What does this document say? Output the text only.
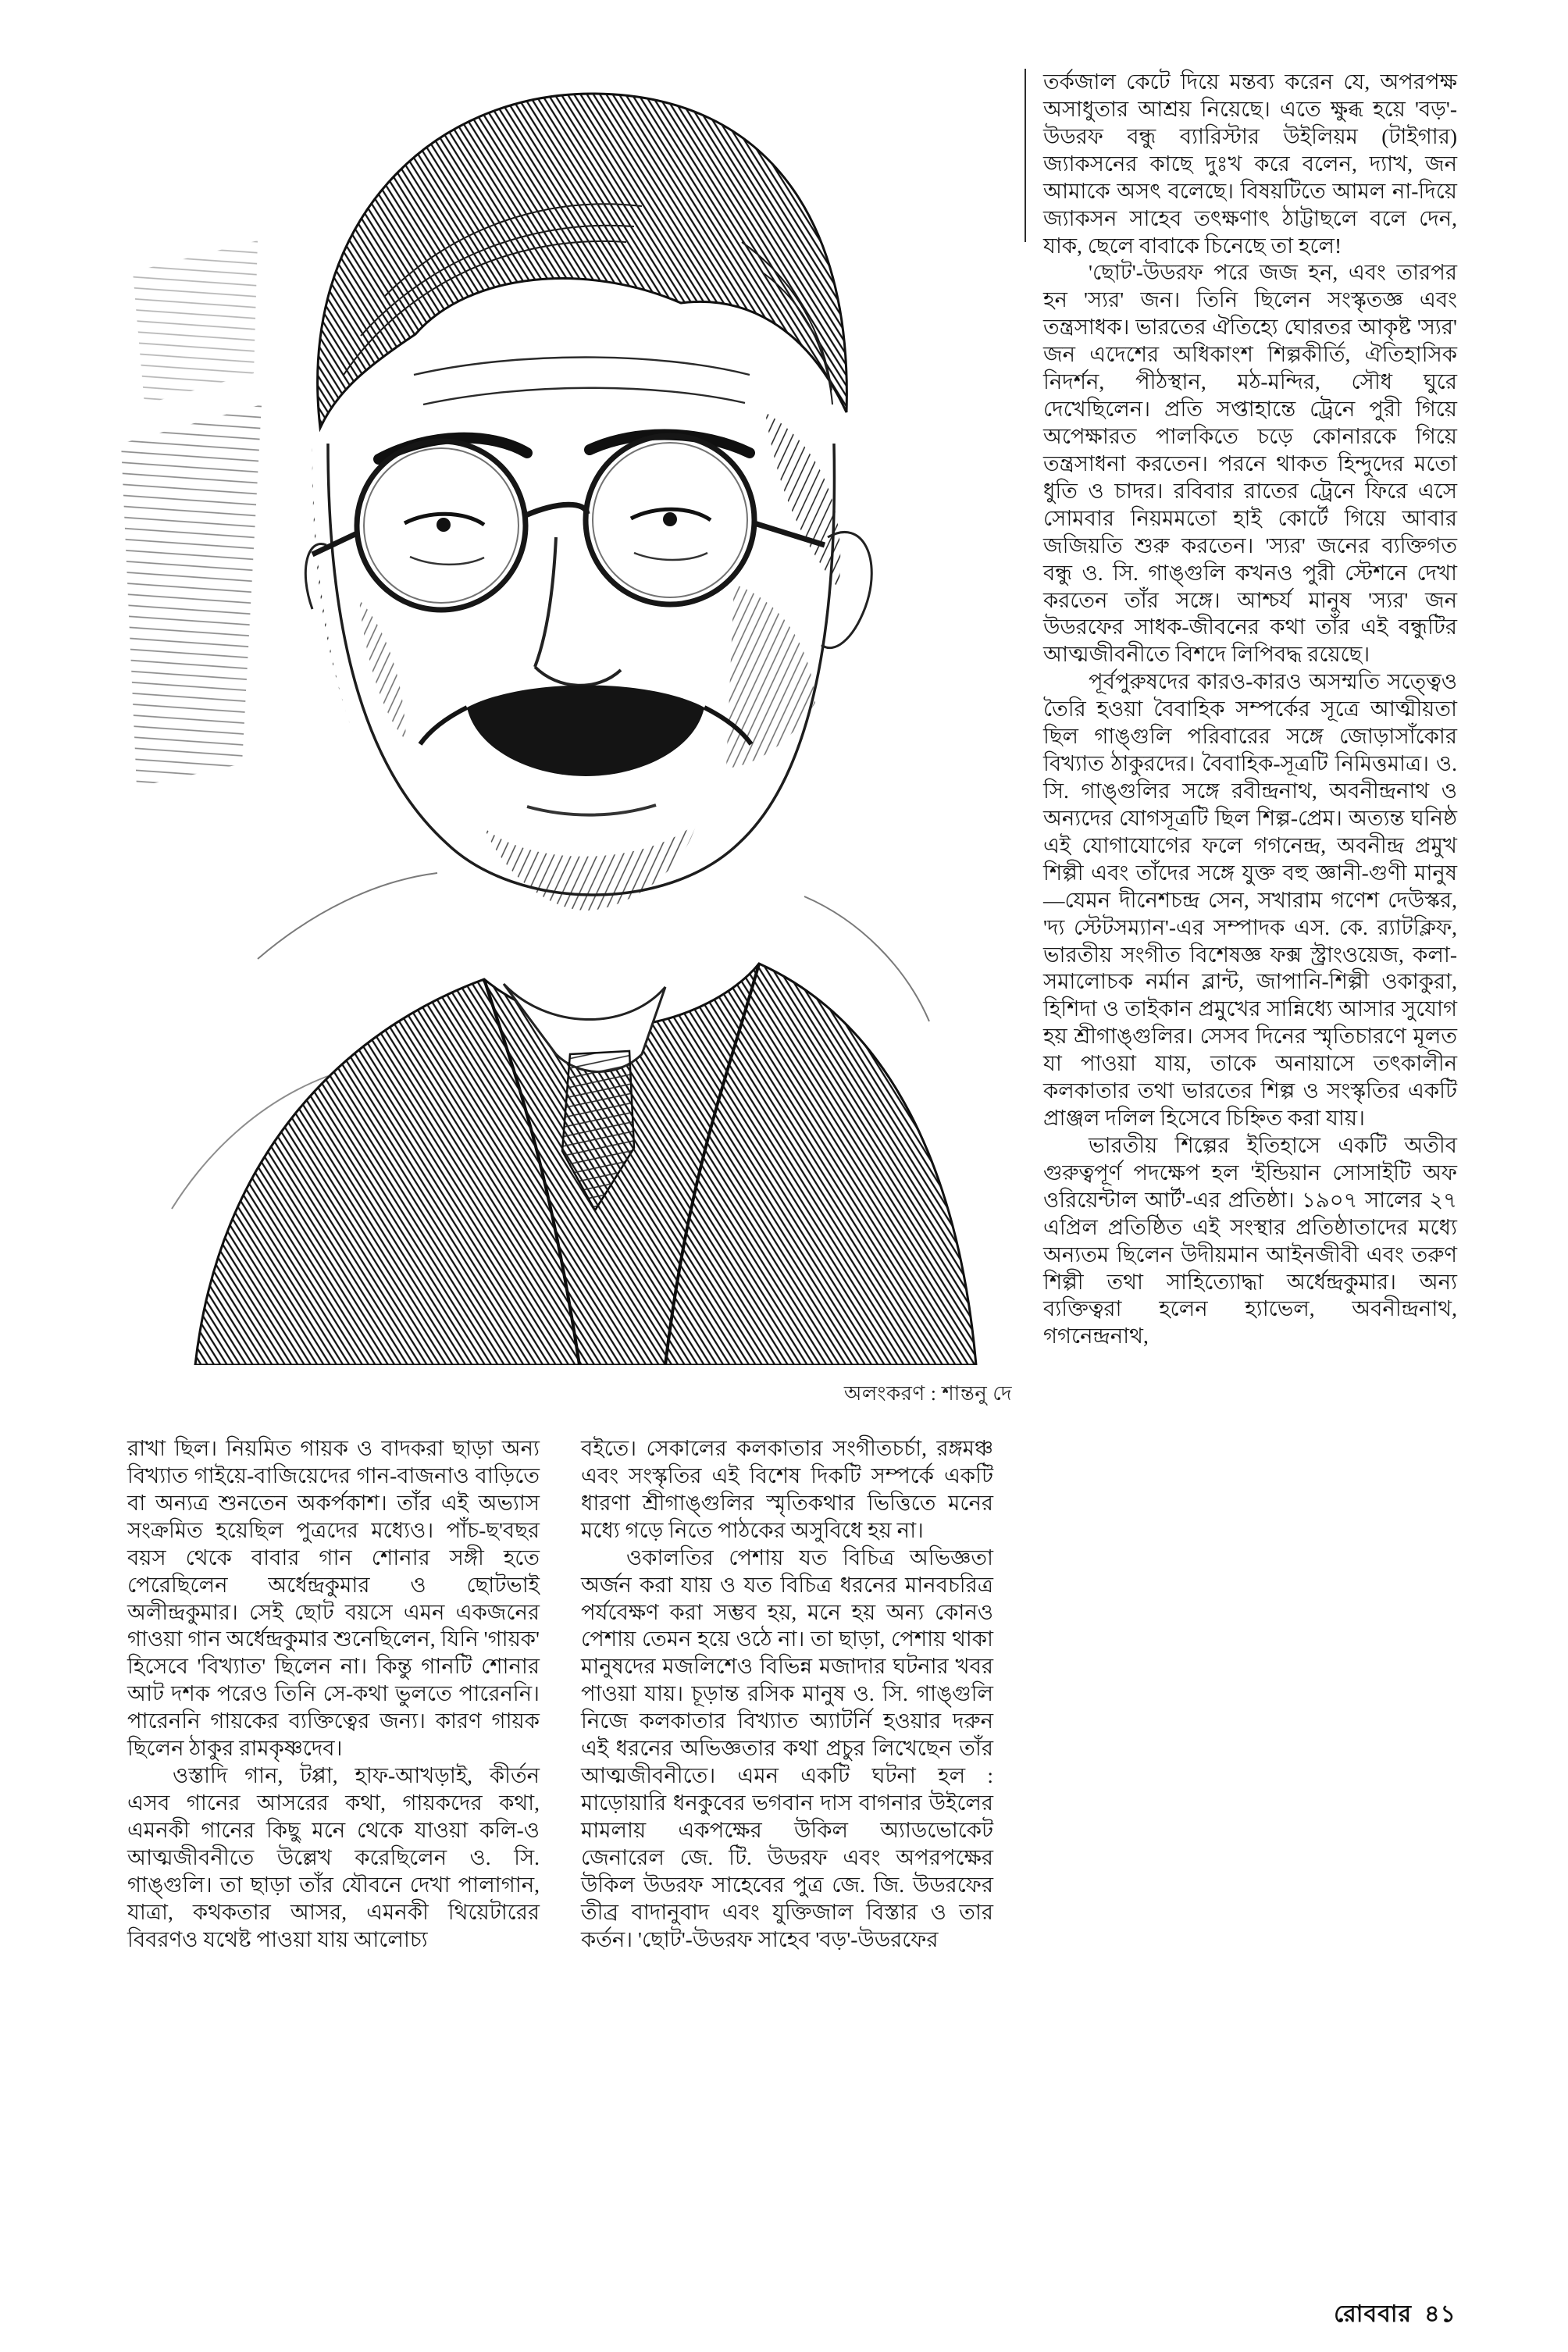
অলংকরণ : শান্তনু দে

রাখা ছিল। নিয়মিত গায়ক ও বাদকরা ছাড়া অন্য বিখ্যাত গাইয়ে-বাজিয়েদের গান-বাজনাও বাড়িতে বা অন্যত্র শুনতেন অকর্পকাশ। তাঁর এই অভ্যাস সংক্রমিত হয়েছিল পুত্রদের মধ্যেও। পাঁচ-ছ'বছর বয়স থেকে বাবার গান শোনার সঙ্গী হতে পেরেছিলেন অর্ধেন্দ্রকুমার ও ছোটভাই অলীন্দ্রকুমার। সেই ছোট বয়সে এমন একজনের গাওয়া গান অর্ধেন্দ্রকুমার শুনেছিলেন, যিনি 'গায়ক' হিসেবে 'বিখ্যাত' ছিলেন না। কিন্তু গানটি শোনার আট দশক পরেও তিনি সে-কথা ভুলতে পারেননি। পারেননি গায়কের ব্যক্তিত্বের জন্য। কারণ গায়ক ছিলেন ঠাকুর রামকৃষ্ণদেব।

ওস্তাদি গান, টপ্পা, হাফ-আখড়াই, কীর্তন এসব গানের আসরের কথা, গায়কদের কথা, এমনকী গানের কিছু মনে থেকে যাওয়া কলি-ও আত্মজীবনীতে উল্লেখ করেছিলেন ও. সি. গাঙ্গুলি। তা ছাড়া তাঁর যৌবনে দেখা পালাগান, যাত্রা, কথকতার আসর, এমনকী থিয়েটারের বিবরণও যথেষ্ট পাওয়া যায় আলোচ্য

বইতে। সেকালের কলকাতার সংগীতচর্চা, রঙ্গমঞ্চ এবং সংস্কৃতির এই বিশেষ দিকটি সম্পর্কে একটি ধারণা শ্রীগাঙ্গুলির স্মৃতিকথার ভিত্তিতে মনের মধ্যে গড়ে নিতে পাঠকের অসুবিধে হয় না।

ওকালতির পেশায় যত বিচিত্র অভিজ্ঞতা অর্জন করা যায় ও যত বিচিত্র ধরনের মানবচরিত্র পর্যবেক্ষণ করা সম্ভব হয়, মনে হয় অন্য কোনও পেশায় তেমন হয়ে ওঠে না। তা ছাড়া, পেশায় থাকা মানুষদের মজলিশেও বিভিন্ন মজাদার ঘটনার খবর পাওয়া যায়। চূড়ান্ত রসিক মানুষ ও. সি. গাঙ্গুলি নিজে কলকাতার বিখ্যাত অ্যাটর্নি হওয়ার দরুন এই ধরনের অভিজ্ঞতার কথা প্রচুর লিখেছেন তাঁর আত্মজীবনীতে। এমন একটি ঘটনা হল : মাড়োয়ারি ধনকুবের ভগবান দাস বাগনার উইলের মামলায় একপক্ষের উকিল অ্যাডভোকেট জেনারেল জে. টি. উডরফ এবং অপরপক্ষের উকিল উডরফ সাহেবের পুত্র জে. জি. উডরফের তীব্র বাদানুবাদ এবং যুক্তিজাল বিস্তার ও তার কর্তন। 'ছোট'-উডরফ সাহেব 'বড়'-উডরফের

তর্কজাল কেটে দিয়ে মন্তব্য করেন যে, অপরপক্ষ অসাধুতার আশ্রয় নিয়েছে। এতে ক্ষুব্ধ হয়ে 'বড়'-উডরফ বন্ধু ব্যারিস্টার উইলিয়ম (টাইগার) জ্যাকসনের কাছে দুঃখ করে বলেন, দ্যাখ, জন আমাকে অসৎ বলেছে। বিষয়টিতে আমল না-দিয়ে জ্যাকসন সাহেব তৎক্ষণাৎ ঠাট্টাছলে বলে দেন, যাক, ছেলে বাবাকে চিনেছে তা হলে!

'ছোট'-উডরফ পরে জজ হন, এবং তারপর হন 'স্যর' জন। তিনি ছিলেন সংস্কৃতজ্ঞ এবং তন্ত্রসাধক। ভারতের ঐতিহ্যে ঘোরতর আকৃষ্ট 'স্যর' জন এদেশের অধিকাংশ শিল্পকীর্তি, ঐতিহাসিক নিদর্শন, পীঠস্থান, মঠ-মন্দির, সৌধ ঘুরে দেখেছিলেন। প্রতি সপ্তাহান্তে ট্রেনে পুরী গিয়ে অপেক্ষারত পালকিতে চড়ে কোনারকে গিয়ে তন্ত্রসাধনা করতেন। পরনে থাকত হিন্দুদের মতো ধুতি ও চাদর। রবিবার রাতের ট্রেনে ফিরে এসে সোমবার নিয়মমতো হাই কোর্টে গিয়ে আবার জজিয়তি শুরু করতেন। 'স্যর' জনের ব্যক্তিগত বন্ধু ও. সি. গাঙ্গুলি কখনও পুরী স্টেশনে দেখা করতেন তাঁর সঙ্গে। আশ্চর্য মানুষ 'স্যর' জন উডরফের সাধক-জীবনের কথা তাঁর এই বন্ধুটির আত্মজীবনীতে বিশদে লিপিবদ্ধ রয়েছে।

পূর্বপুরুষদের কারও-কারও অসম্মতি সত্ত্বেও তৈরি হওয়া বৈবাহিক সম্পর্কের সূত্রে আত্মীয়তা ছিল গাঙ্গুলি পরিবারের সঙ্গে জোড়াসাঁকোর বিখ্যাত ঠাকুরদের। বৈবাহিক-সূত্রটি নিমিত্তমাত্র। ও. সি. গাঙ্গুলির সঙ্গে রবীন্দ্রনাথ, অবনীন্দ্রনাথ ও অন্যদের যোগসূত্রটি ছিল শিল্প-প্রেম। অত্যন্ত ঘনিষ্ঠ এই যোগাযোগের ফলে গগনেন্দ্র, অবনীন্দ্র প্রমুখ শিল্পী এবং তাঁদের সঙ্গে যুক্ত বহু জ্ঞানী-গুণী মানুষ—যেমন দীনেশচন্দ্র সেন, সখারাম গণেশ দেউস্কর, 'দ্য স্টেটসম্যান'-এর সম্পাদক এস. কে. র‍্যাটক্লিফ, ভারতীয় সংগীত বিশেষজ্ঞ ফক্স স্ট্রাংওয়েজ, কলা-সমালোচক নর্মান ব্লান্ট, জাপানি-শিল্পী ওকাকুরা, হিশিদা ও তাইকান প্রমুখের সান্নিধ্যে আসার সুযোগ হয় শ্রীগাঙ্গুলির। সেসব দিনের স্মৃতিচারণে মূলত যা পাওয়া যায়, তাকে অনায়াসে তৎকালীন কলকাতার তথা ভারতের শিল্প ও সংস্কৃতির একটি প্রাঞ্জল দলিল হিসেবে চিহ্নিত করা যায়।

ভারতীয় শিল্পের ইতিহাসে একটি অতীব গুরুত্বপূর্ণ পদক্ষেপ হল 'ইন্ডিয়ান সোসাইটি অফ ওরিয়েন্টাল আর্ট'-এর প্রতিষ্ঠা। ১৯০৭ সালের ২৭ এপ্রিল প্রতিষ্ঠিত এই সংস্থার প্রতিষ্ঠাতাদের মধ্যে অন্যতম ছিলেন উদীয়মান আইনজীবী এবং তরুণ শিল্পী তথা সাহিত্যোদ্ধা অর্ধেন্দ্রকুমার। অন্য ব্যক্তিত্বরা হলেন হ্যাভেল, অবনীন্দ্রনাথ, গগনেন্দ্রনাথ,

রোববার ৪১
